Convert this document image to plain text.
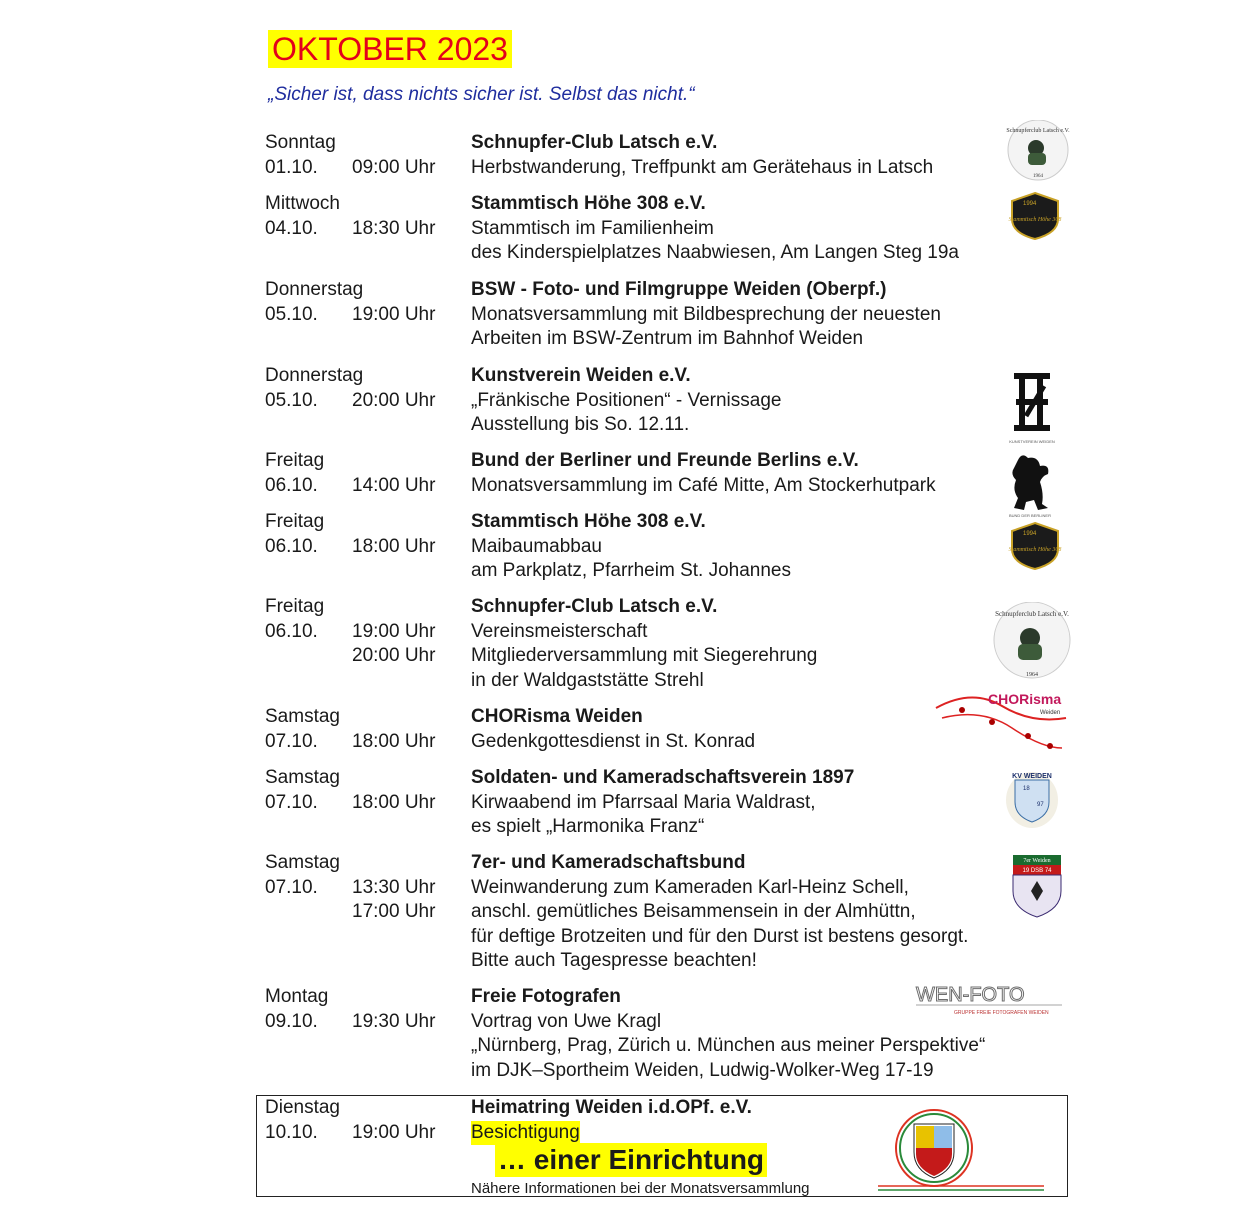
OKTOBER 2023
„Sicher ist, dass nichts sicher ist. Selbst das nicht.“
Sonntag	Schnupfer-Club Latsch e.V.
01.10. 09:00 Uhr Herbstwanderung, Treffpunkt am Gerätehaus in Latsch
Mittwoch	Stammtisch Höhe 308 e.V.
04.10. 18:30 Uhr Stammtisch im Familienheim
des Kinderspielplatzes Naabwiesen, Am Langen Steg 19a
Donnerstag	BSW - Foto- und Filmgruppe Weiden (Oberpf.)
05.10. 19:00 Uhr Monatsversammlung mit Bildbesprechung der neuesten
Arbeiten im BSW-Zentrum im Bahnhof Weiden
Donnerstag	Kunstverein Weiden e.V.
05.10. 20:00 Uhr „Fränkische Positionen“ - Vernissage
Ausstellung bis So. 12.11.
Freitag	Bund der Berliner und Freunde Berlins e.V.
06.10. 14:00 Uhr Monatsversammlung im Café Mitte, Am Stockerhutpark
Freitag	Stammtisch Höhe 308 e.V.
06.10. 18:00 Uhr Maibaumabbau
am Parkplatz, Pfarrheim St. Johannes
Freitag	Schnupfer-Club Latsch e.V.
06.10. 19:00 Uhr Vereinsmeisterschaft
20:00 Uhr Mitgliederversammlung mit Siegerehrung
in der Waldgaststätte Strehl
Samstag	CHORisma Weiden
07.10. 18:00 Uhr Gedenkgottesdienst in St. Konrad
Samstag	Soldaten- und Kameradschaftsverein 1897
07.10. 18:00 Uhr Kirwaabend im Pfarrsaal Maria Waldrast,
es spielt „Harmonika Franz“
Samstag	7er- und Kameradschaftsbund
07.10. 13:30 Uhr Weinwanderung zum Kameraden Karl-Heinz Schell,
17:00 Uhr anschl. gemütliches Beisammensein in der Almhüttn,
für deftige Brotzeiten und für den Durst ist bestens gesorgt.
Bitte auch Tagespresse beachten!
Montag	Freie Fotografen
09.10. 19:30 Uhr Vortrag von Uwe Kragl
„Nürnberg, Prag, Zürich u. München aus meiner Perspektive“
im DJK–Sportheim Weiden, Ludwig-Wolker-Weg 17-19
Dienstag	Heimatring Weiden i.d.OPf. e.V.
10.10. 19:00 Uhr Besichtigung
… einer Einrichtung
Nähere Informationen bei der Monatsversammlung
Schnupferclub Latsch e.V.
1964
1994
Stammtisch Höhe 308
KUNSTVEREIN WEIDEN
BUND DER BERLINER
1994
Stammtisch Höhe 308
Schnupferclub Latsch e.V.
1964
CHORisma
Weiden
KV WEIDEN
18
97
7er Weiden
19 DSB 74
WEN-FOTO
GRUPPE FREIE FOTOGRAFEN WEIDEN
